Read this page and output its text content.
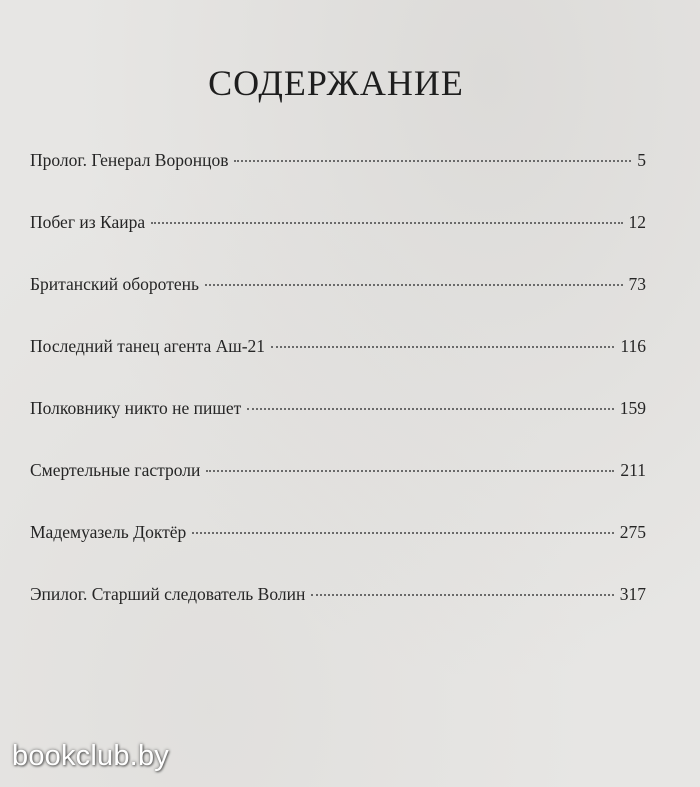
СОДЕРЖАНИЕ
Пролог. Генерал Воронцов	5
Побег из Каира	12
Британский оборотень	73
Последний танец агента Аш-21	116
Полковнику никто не пишет	159
Смертельные гастроли	211
Мадемуазель Доктёр	275
Эпилог. Старший следователь Волин	317
bookclub.by
